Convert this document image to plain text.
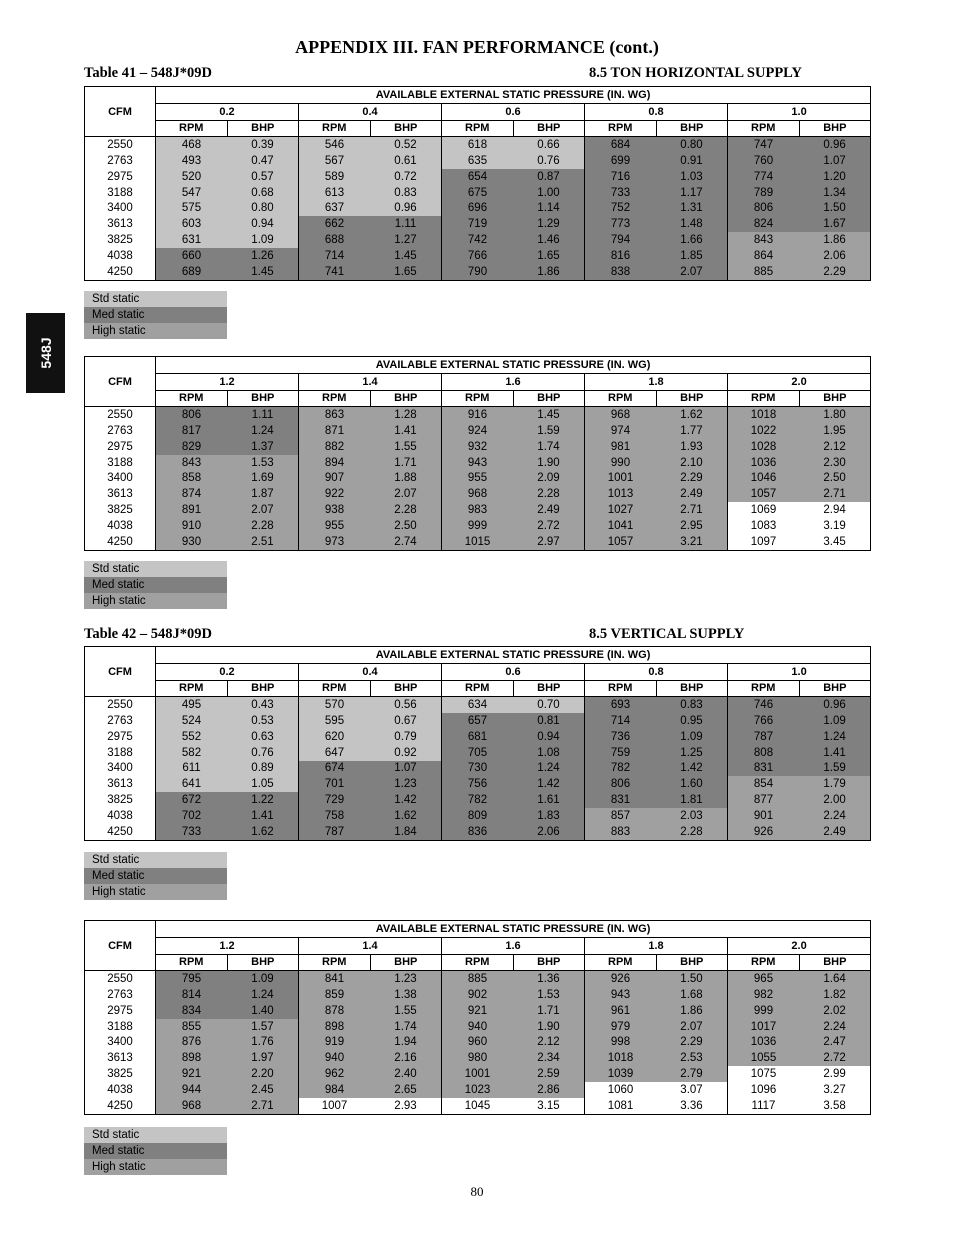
APPENDIX III. FAN PERFORMANCE (cont.)
548J
Table 41 – 548J*09D	8.5 TON HORIZONTAL SUPPLY
CFM	AVAILABLE EXTERNAL STATIC PRESSURE (IN. WG)									
	0.2		0.4		0.6		0.8		1.0	
	RPM	BHP	RPM	BHP	RPM	BHP	RPM	BHP	RPM	BHP
2550	468	0.39	546	0.52	618	0.66	684	0.80	747	0.96
2763	493	0.47	567	0.61	635	0.76	699	0.91	760	1.07
2975	520	0.57	589	0.72	654	0.87	716	1.03	774	1.20
3188	547	0.68	613	0.83	675	1.00	733	1.17	789	1.34
3400	575	0.80	637	0.96	696	1.14	752	1.31	806	1.50
3613	603	0.94	662	1.11	719	1.29	773	1.48	824	1.67
3825	631	1.09	688	1.27	742	1.46	794	1.66	843	1.86
4038	660	1.26	714	1.45	766	1.65	816	1.85	864	2.06
4250	689	1.45	741	1.65	790	1.86	838	2.07	885	2.29
Std static
Med static
High static
CFM	AVAILABLE EXTERNAL STATIC PRESSURE (IN. WG)									
	1.2		1.4		1.6		1.8		2.0	
	RPM	BHP	RPM	BHP	RPM	BHP	RPM	BHP	RPM	BHP
2550	806	1.11	863	1.28	916	1.45	968	1.62	1018	1.80
2763	817	1.24	871	1.41	924	1.59	974	1.77	1022	1.95
2975	829	1.37	882	1.55	932	1.74	981	1.93	1028	2.12
3188	843	1.53	894	1.71	943	1.90	990	2.10	1036	2.30
3400	858	1.69	907	1.88	955	2.09	1001	2.29	1046	2.50
3613	874	1.87	922	2.07	968	2.28	1013	2.49	1057	2.71
3825	891	2.07	938	2.28	983	2.49	1027	2.71	1069	2.94
4038	910	2.28	955	2.50	999	2.72	1041	2.95	1083	3.19
4250	930	2.51	973	2.74	1015	2.97	1057	3.21	1097	3.45
Std static
Med static
High static
Table 42 – 548J*09D	8.5 VERTICAL SUPPLY
CFM	AVAILABLE EXTERNAL STATIC PRESSURE (IN. WG)									
	0.2		0.4		0.6		0.8		1.0	
	RPM	BHP	RPM	BHP	RPM	BHP	RPM	BHP	RPM	BHP
2550	495	0.43	570	0.56	634	0.70	693	0.83	746	0.96
2763	524	0.53	595	0.67	657	0.81	714	0.95	766	1.09
2975	552	0.63	620	0.79	681	0.94	736	1.09	787	1.24
3188	582	0.76	647	0.92	705	1.08	759	1.25	808	1.41
3400	611	0.89	674	1.07	730	1.24	782	1.42	831	1.59
3613	641	1.05	701	1.23	756	1.42	806	1.60	854	1.79
3825	672	1.22	729	1.42	782	1.61	831	1.81	877	2.00
4038	702	1.41	758	1.62	809	1.83	857	2.03	901	2.24
4250	733	1.62	787	1.84	836	2.06	883	2.28	926	2.49
Std static
Med static
High static
CFM	AVAILABLE EXTERNAL STATIC PRESSURE (IN. WG)									
	1.2		1.4		1.6		1.8		2.0	
	RPM	BHP	RPM	BHP	RPM	BHP	RPM	BHP	RPM	BHP
2550	795	1.09	841	1.23	885	1.36	926	1.50	965	1.64
2763	814	1.24	859	1.38	902	1.53	943	1.68	982	1.82
2975	834	1.40	878	1.55	921	1.71	961	1.86	999	2.02
3188	855	1.57	898	1.74	940	1.90	979	2.07	1017	2.24
3400	876	1.76	919	1.94	960	2.12	998	2.29	1036	2.47
3613	898	1.97	940	2.16	980	2.34	1018	2.53	1055	2.72
3825	921	2.20	962	2.40	1001	2.59	1039	2.79	1075	2.99
4038	944	2.45	984	2.65	1023	2.86	1060	3.07	1096	3.27
4250	968	2.71	1007	2.93	1045	3.15	1081	3.36	1117	3.58
Std static
Med static
High static
80
